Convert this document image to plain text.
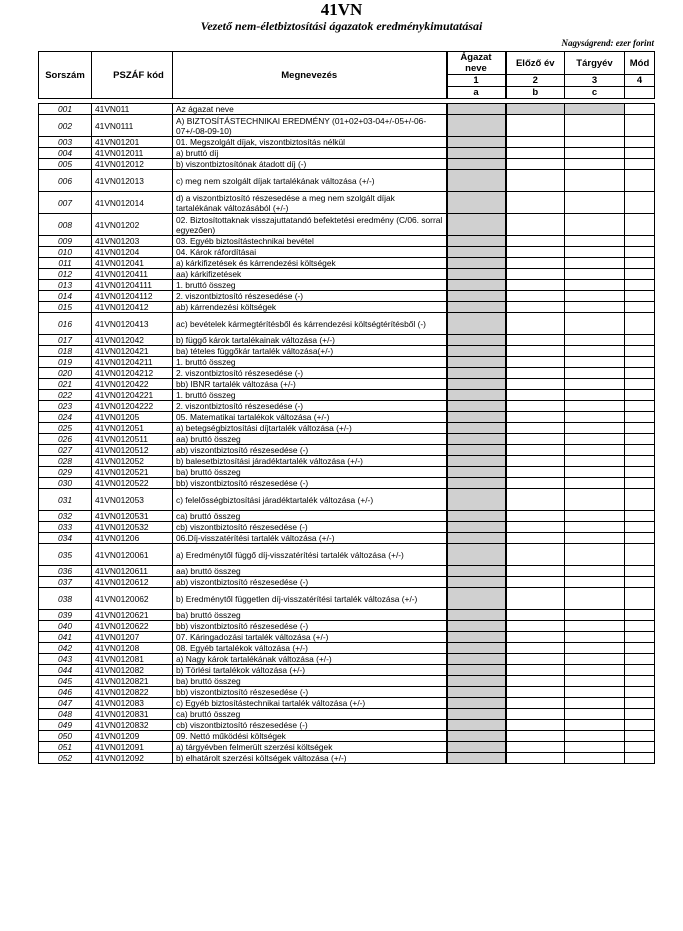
41VN
Vezető nem-életbiztosítási ágazatok eredménykimutatásai
Nagyságrend: ezer forint
Sorszám	PSZÁF kód	Megnevezés	Ágazat neve	Előző év	Tárgyév	Mód

			1	2	3	4
			a	b	c	

001	41VN011	Az ágazat neve				
002	41VN0111	A) BIZTOSÍTÁSTECHNIKAI EREDMÉNY (01+02+03-04+/-05+/-06-07+/-08-09-10)				
003	41VN01201	01. Megszolgált díjak, viszontbiztosítás nélkül				
004	41VN012011	a) bruttó díj				
005	41VN012012	b) viszontbiztosítónak átadott díj (-)				
006	41VN012013	c) meg nem szolgált díjak tartalékának változása (+/-)				
007	41VN012014	d) a viszontbiztosító részesedése a meg nem szolgált díjak tartalékának változásából (+/-)				
008	41VN01202	02. Biztosítottaknak visszajuttatandó befektetési eredmény (C/06. sorral egyezően)				
009	41VN01203	03. Egyéb biztosítástechnikai bevétel				
010	41VN01204	04. Károk ráfordításai				
011	41VN012041	a) kárkifizetések és kárrendezési költségek				
012	41VN0120411	aa) kárkifizetések				
013	41VN01204111	1. bruttó összeg				
014	41VN01204112	2. viszontbiztosító részesedése (-)				
015	41VN0120412	ab) kárrendezési költségek				
016	41VN0120413	ac) bevételek kármegtérítésből és kárrendezési költségtérítésből (-)				
017	41VN012042	b) függő károk tartalékainak változása (+/-)				
018	41VN0120421	ba) tételes függőkár tartalék változása(+/-)				
019	41VN01204211	1. bruttó összeg				
020	41VN01204212	2. viszontbiztosító részesedése (-)				
021	41VN0120422	bb) IBNR tartalék változása (+/-)				
022	41VN01204221	1. bruttó összeg				
023	41VN01204222	2. viszontbiztosító részesedése (-)				
024	41VN01205	05. Matematikai tartalékok változása (+/-)				
025	41VN012051	a) betegségbiztosítási díjtartalék változása (+/-)				
026	41VN0120511	aa) bruttó összeg				
027	41VN0120512	ab) viszontbiztosító részesedése (-)				
028	41VN012052	b) balesetbiztosítási járadéktartalék változása (+/-)				
029	41VN0120521	ba) bruttó összeg				
030	41VN0120522	bb) viszontbiztosító részesedése (-)				
031	41VN012053	c) felelősségbiztosítási járadéktartalék változása (+/-)				
032	41VN0120531	ca) bruttó összeg				
033	41VN0120532	cb) viszontbiztosító részesedése (-)				
034	41VN01206	06.Díj-visszatérítési tartalék változása (+/-)				
035	41VN0120061	a) Eredménytől függő díj-visszatérítési tartalék változása (+/-)				
036	41VN0120611	aa) bruttó összeg				
037	41VN0120612	ab) viszontbiztosító részesedése (-)				
038	41VN0120062	b) Eredménytől független díj-visszatérítési tartalék változása (+/-)				
039	41VN0120621	ba) bruttó összeg				
040	41VN0120622	bb) viszontbiztosító részesedése (-)				
041	41VN01207	07. Káringadozási tartalék változása (+/-)				
042	41VN01208	08. Egyéb tartalékok változása (+/-)				
043	41VN012081	a) Nagy károk tartalékának változása (+/-)				
044	41VN012082	b) Törlési tartalékok változása (+/-)				
045	41VN0120821	ba) bruttó összeg				
046	41VN0120822	bb) viszontbiztosító részesedése (-)				
047	41VN012083	c) Egyéb biztosítástechnikai tartalék változása (+/-)				
048	41VN0120831	ca) bruttó összeg				
049	41VN0120832	cb) viszontbiztosító részesedése (-)				
050	41VN01209	09. Nettó működési költségek				
051	41VN012091	a) tárgyévben felmerült szerzési költségek				
052	41VN012092	b) elhatárolt szerzési költségek változása (+/-)				
